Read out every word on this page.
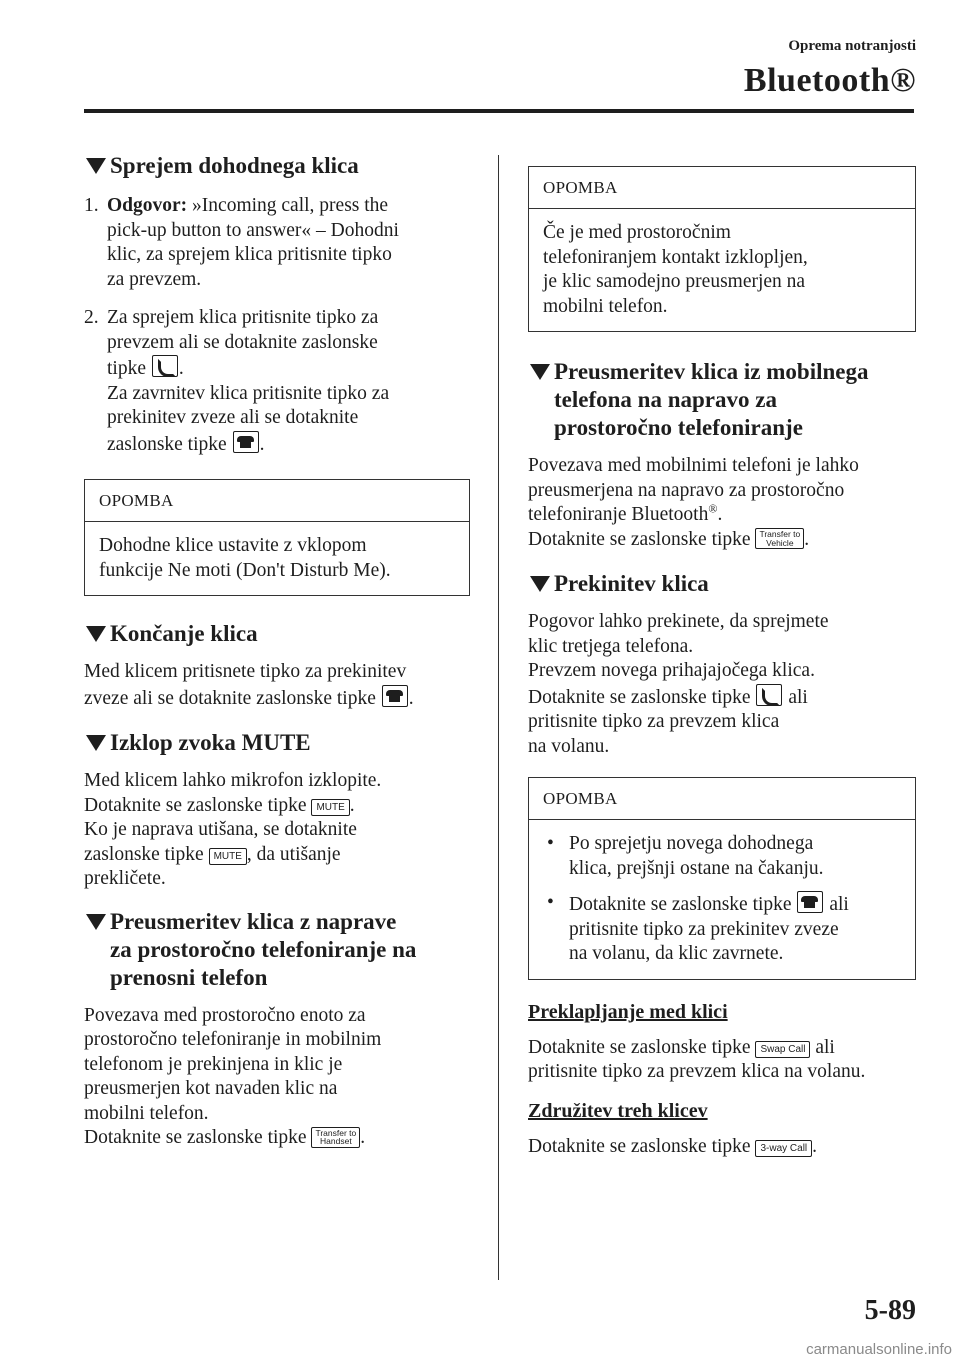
Oprema notranjosti
Bluetooth®
Sprejem dohodnega klica
1. Odgovor: »Incoming call, press the
pick-up button to answer« – Dohodni
klic, za sprejem klica pritisnite tipko
za prevzem.
2. Za sprejem klica pritisnite tipko za
prevzem ali se dotaknite zaslonske
tipke .
Za zavrnitev klica pritisnite tipko za
prekinitev zveze ali se dotaknite
zaslonske tipke .
OPOMBA
Dohodne klice ustavite z vklopom
funkcije Ne moti (Don't Disturb Me).
Končanje klica
Med klicem pritisnete tipko za prekinitev
zveze ali se dotaknite zaslonske tipke .
Izklop zvoka MUTE
Med klicem lahko mikrofon izklopite.
Dotaknite se zaslonske tipke MUTE .
Ko je naprava utišana, se dotaknite
zaslonske tipke MUTE , da utišanje
prekličete.
Preusmeritev klica z naprave
za prostoročno telefoniranje na
prenosni telefon
Povezava med prostoročno enoto za
prostoročno telefoniranje in mobilnim
telefonom je prekinjena in klic je
preusmerjen kot navaden klic na
mobilni telefon.
Dotaknite se zaslonske tipke Transfer to
Handset .
OPOMBA
Če je med prostoročnim
telefoniranjem kontakt izklopljen,
je klic samodejno preusmerjen na
mobilni telefon.
Preusmeritev klica iz mobilnega
telefona na napravo za
prostoročno telefoniranje
Povezava med mobilnimi telefoni je lahko
preusmerjena na napravo za prostoročno
telefoniranje Bluetooth®.
Dotaknite se zaslonske tipke Transfer to
Vehicle .
Prekinitev klica
Pogovor lahko prekinete, da sprejmete
klic tretjega telefona.
Prevzem novega prihajajočega klica.
Dotaknite se zaslonske tipke  ali
pritisnite tipko za prevzem klica
na volanu.
OPOMBA
• Po sprejetju novega dohodnega
klica, prejšnji ostane na čakanju.
• Dotaknite se zaslonske tipke  ali
pritisnite tipko za prekinitev zveze
na volanu, da klic zavrnete.
Preklapljanje med klici
Dotaknite se zaslonske tipke Swap Call ali
pritisnite tipko za prevzem klica na volanu.
Združitev treh klicev
Dotaknite se zaslonske tipke 3-way Call .
5-89
carmanualsonline.info
